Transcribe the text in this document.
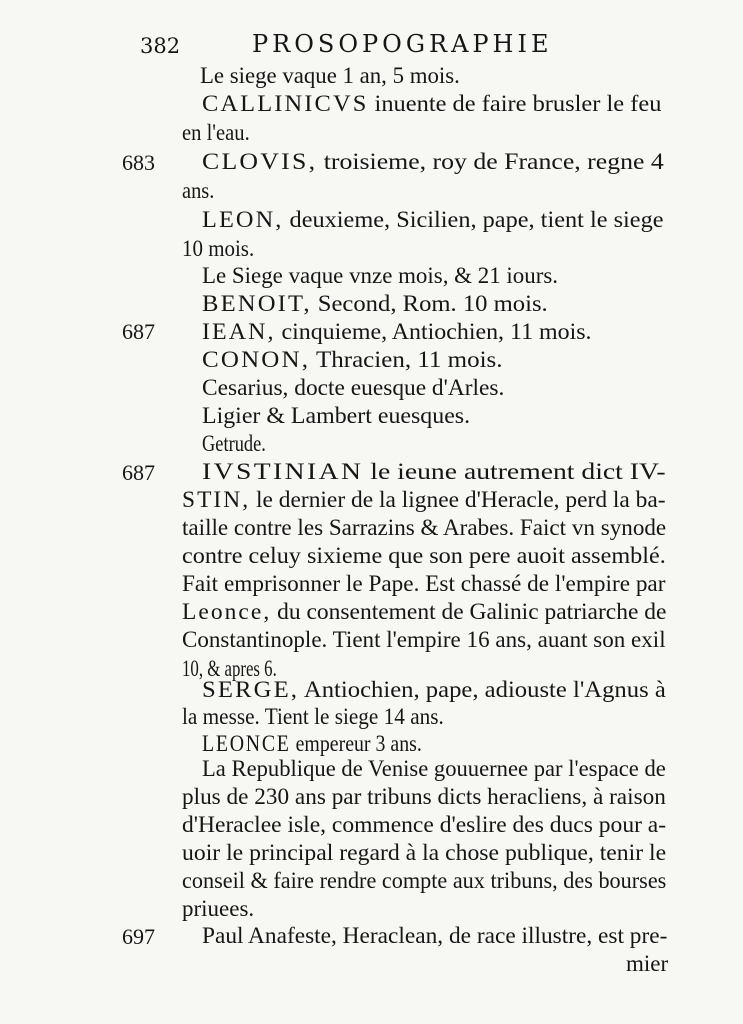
382	PROSOPOGRAPHIE
Le siege vaque 1 an, 5 mois.
CALLINICVS inuente de faire brusler le feu
en l'eau.
CLOVIS, troisieme, roy de France, regne 4
ans.
LEON, deuxieme, Sicilien, pape, tient le siege
10 mois.
Le Siege vaque vnze mois, & 21 iours.
BENOIT, Second, Rom. 10 mois.
IEAN, cinquieme, Antiochien, 11 mois.
CONON, Thracien, 11 mois.
Cesarius, docte euesque d'Arles.
Ligier & Lambert euesques.
Getrude.
IVSTINIAN le ieune autrement dict IV-
STIN, le dernier de la lignee d'Heracle, perd la ba-
taille contre les Sarrazins & Arabes. Faict vn synode
contre celuy sixieme que son pere auoit assemblé.
Fait emprisonner le Pape. Est chassé de l'empire par
Leonce, du consentement de Galinic patriarche de
Constantinople. Tient l'empire 16 ans, auant son exil
10, & apres 6.
SERGE, Antiochien, pape, adiouste l'Agnus à
la messe. Tient le siege 14 ans.
LEONCE empereur 3 ans.
La Republique de Venise gouuernee par l'espace de
plus de 230 ans par tribuns dicts heracliens, à raison
d'Heraclee isle, commence d'eslire des ducs pour a-
uoir le principal regard à la chose publique, tenir le
conseil & faire rendre compte aux tribuns, des bourses
priuees.
Paul Anafeste, Heraclean, de race illustre, est pre-
mier
683
687
687
697
